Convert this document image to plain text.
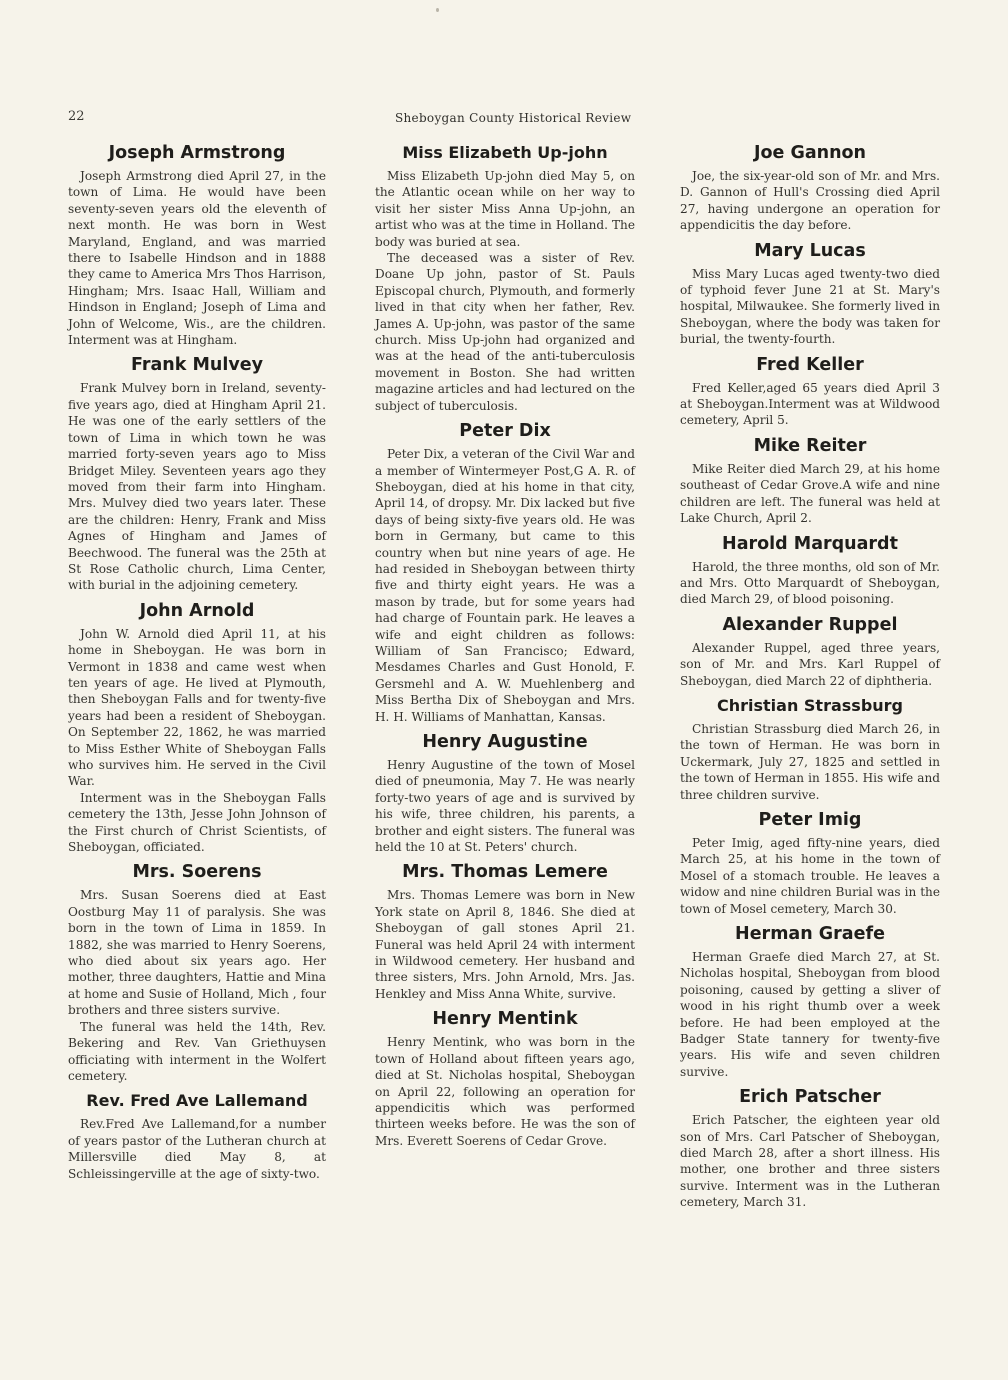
22	Sheboygan County Historical Review
Joseph Armstrong

Joseph Armstrong died April 27, in the town of Lima. He would have been seventy-seven years old the eleventh of next month. He was born in West Maryland, England, and was married there to Isabelle Hindson and in 1888 they came to America Mrs Thos Harrison, Hingham; Mrs. Isaac Hall, William and Hindson in England; Joseph of Lima and John of Welcome, Wis., are the children. Interment was at Hingham.

Frank Mulvey

Frank Mulvey born in Ireland, seventy-five years ago, died at Hingham April 21. He was one of the early settlers of the town of Lima in which town he was married forty-seven years ago to Miss Bridget Miley. Seventeen years ago they moved from their farm into Hingham. Mrs. Mulvey died two years later. These are the children: Henry, Frank and Miss Agnes of Hingham and James of Beechwood. The funeral was the 25th at St Rose Catholic church, Lima Center, with burial in the adjoining cemetery.

John Arnold

John W. Arnold died April 11, at his home in Sheboygan. He was born in Vermont in 1838 and came west when ten years of age. He lived at Plymouth, then Sheboygan Falls and for twenty-five years had been a resident of Sheboygan. On September 22, 1862, he was married to Miss Esther White of Sheboygan Falls who survives him. He served in the Civil War.

Interment was in the Sheboygan Falls cemetery the 13th, Jesse John Johnson of the First church of Christ Scientists, of Sheboygan, officiated.

Mrs. Soerens

Mrs. Susan Soerens died at East Oostburg May 11 of paralysis. She was born in the town of Lima in 1859. In 1882, she was married to Henry Soerens, who died about six years ago. Her mother, three daughters, Hattie and Mina at home and Susie of Holland, Mich , four brothers and three sisters survive.

The funeral was held the 14th, Rev. Bekering and Rev. Van Griethuysen officiating with interment in the Wolfert cemetery.

Rev. Fred Ave Lallemand

Rev.Fred Ave Lallemand,for a number of years pastor of the Lutheran church at Millersville died May 8, at Schleissingerville at the age of sixty-two.

Miss Elizabeth Up-john

Miss Elizabeth Up-john died May 5, on the Atlantic ocean while on her way to visit her sister Miss Anna Up-john, an artist who was at the time in Holland. The body was buried at sea.

The deceased was a sister of Rev. Doane Up john, pastor of St. Pauls Episcopal church, Plymouth, and formerly lived in that city when her father, Rev. James A. Up-john, was pastor of the same church. Miss Up-john had organized and was at the head of the anti-tuberculosis movement in Boston. She had written magazine articles and had lectured on the subject of tuberculosis.

Peter Dix

Peter Dix, a veteran of the Civil War and a member of Wintermeyer Post,G A. R. of Sheboygan, died at his home in that city, April 14, of dropsy. Mr. Dix lacked but five days of being sixty-five years old. He was born in Germany, but came to this country when but nine years of age. He had resided in Sheboygan between thirty five and thirty eight years. He was a mason by trade, but for some years had had charge of Fountain park. He leaves a wife and eight children as follows: William of San Francisco; Edward, Mesdames Charles and Gust Honold, F. Gersmehl and A. W. Muehlenberg and Miss Bertha Dix of Sheboygan and Mrs. H. H. Williams of Manhattan, Kansas.

Henry Augustine

Henry Augustine of the town of Mosel died of pneumonia, May 7. He was nearly forty-two years of age and is survived by his wife, three children, his parents, a brother and eight sisters. The funeral was held the 10 at St. Peters' church.

Mrs. Thomas Lemere

Mrs. Thomas Lemere was born in New York state on April 8, 1846. She died at Sheboygan of gall stones April 21. Funeral was held April 24 with interment in Wildwood cemetery. Her husband and three sisters, Mrs. John Arnold, Mrs. Jas. Henkley and Miss Anna White, survive.

Henry Mentink

Henry Mentink, who was born in the town of Holland about fifteen years ago, died at St. Nicholas hospital, Sheboygan on April 22, following an operation for appendicitis which was performed thirteen weeks before. He was the son of Mrs. Everett Soerens of Cedar Grove.

Joe Gannon

Joe, the six-year-old son of Mr. and Mrs. D. Gannon of Hull's Crossing died April 27, having undergone an operation for appendicitis the day before.

Mary Lucas

Miss Mary Lucas aged twenty-two died of typhoid fever June 21 at St. Mary's hospital, Milwaukee. She formerly lived in Sheboygan, where the body was taken for burial, the twenty-fourth.

Fred Keller

Fred Keller,aged 65 years died April 3 at Sheboygan.Interment was at Wildwood cemetery, April 5.

Mike Reiter

Mike Reiter died March 29, at his home southeast of Cedar Grove.A wife and nine children are left. The funeral was held at Lake Church, April 2.

Harold Marquardt

Harold, the three months, old son of Mr. and Mrs. Otto Marquardt of Sheboygan, died March 29, of blood poisoning.

Alexander Ruppel

Alexander Ruppel, aged three years, son of Mr. and Mrs. Karl Ruppel of Sheboygan, died March 22 of diphtheria.

Christian Strassburg

Christian Strassburg died March 26, in the town of Herman. He was born in Uckermark, July 27, 1825 and settled in the town of Herman in 1855. His wife and three children survive.

Peter Imig

Peter Imig, aged fifty-nine years, died March 25, at his home in the town of Mosel of a stomach trouble. He leaves a widow and nine children Burial was in the town of Mosel cemetery, March 30.

Herman Graefe

Herman Graefe died March 27, at St. Nicholas hospital, Sheboygan from blood poisoning, caused by getting a sliver of wood in his right thumb over a week before. He had been employed at the Badger State tannery for twenty-five years. His wife and seven children survive.

Erich Patscher

Erich Patscher, the eighteen year old son of Mrs. Carl Patscher of Sheboygan, died March 28, after a short illness. His mother, one brother and three sisters survive. Interment was in the Lutheran cemetery, March 31.
